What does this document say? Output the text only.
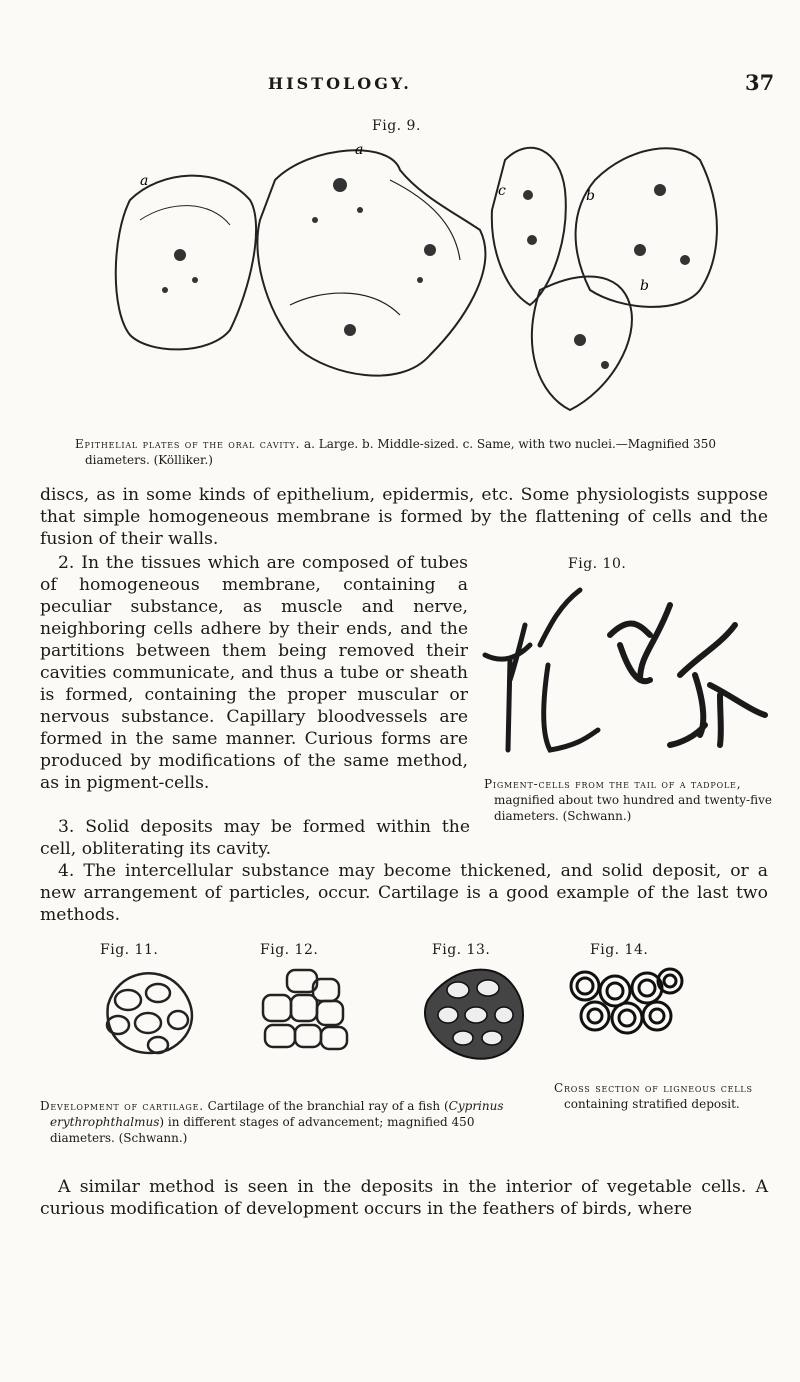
HISTOLOGY.	37
Fig. 9.
a
a
c	b
b
Epithelial plates of the oral cavity. a. Large. b. Middle-sized. c. Same, with two nuclei.—Magnified 350 diameters. (Kölliker.)

discs, as in some kinds of epithelium, epidermis, etc. Some physiologists suppose that simple homogeneous membrane is formed by the flattening of cells and the fusion of their walls.

2. In the tissues which are composed of tubes of homogeneous membrane, containing a peculiar substance, as muscle and nerve, neighboring cells adhere by their ends, and the partitions between them being removed their cavities communicate, and thus a tube or sheath is formed, containing the proper muscular or nervous substance. Capillary bloodvessels are formed in the same manner. Curious forms are produced by modifications of the same method, as in pigment-cells.

Fig. 10.
Pigment-cells from the tail of a tadpole, magnified about two hundred and twenty-five diameters. (Schwann.)

3. Solid deposits may be formed within the cell, obliterating its cavity.

4. The intercellular substance may become thickened, and solid deposit, or a new arrangement of particles, occur. Cartilage is a good example of the last two methods.

Fig. 11.	Fig. 12.	Fig. 13.	Fig. 14.
Development of cartilage. Cartilage of the branchial ray of a fish (Cyprinus erythrophthalmus) in different stages of advancement; magnified 450 diameters. (Schwann.)
Cross section of ligneous cells containing stratified deposit.

A similar method is seen in the deposits in the interior of vegetable cells. A curious modification of development occurs in the feathers of birds, where
